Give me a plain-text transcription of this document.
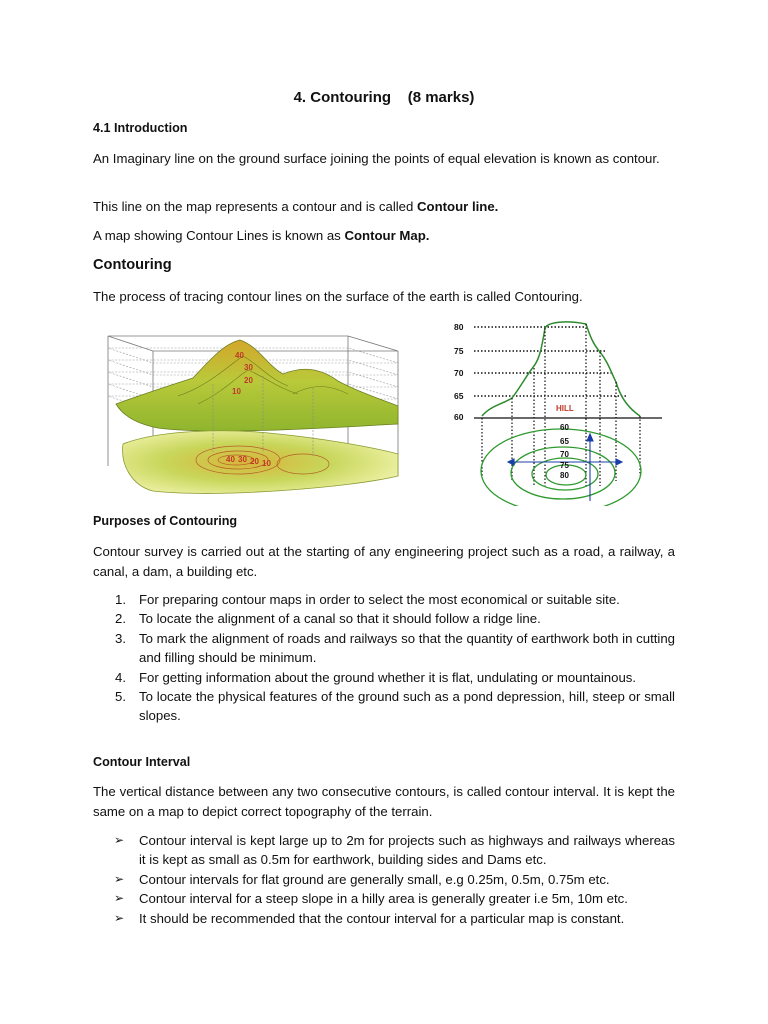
4. Contouring    (8 marks)
4.1 Introduction
An Imaginary line on the ground surface joining the points of equal elevation is known as contour.
This line on the map represents a contour and is called Contour line.
A map showing Contour Lines is known as Contour Map.
Contouring
The process of tracing contour lines on the surface of the earth is called Contouring.
40
30
20
10
40 30 20 10
80
75
70
65
60
HILL
60
65
70
75
80
Purposes of Contouring
Contour survey is carried out at the starting of any engineering project such as a road, a railway, a canal, a dam, a building etc.
1. For preparing contour maps in order to select the most economical or suitable site.
2. To locate the alignment of a canal so that it should follow a ridge line.
3. To mark the alignment of roads and railways so that the quantity of earthwork both in cutting and filling should be minimum.
4. For getting information about the ground whether it is flat, undulating or mountainous.
5. To locate the physical features of the ground such as a pond depression, hill, steep or small slopes.
Contour Interval
The vertical distance between any two consecutive contours, is called contour interval. It is kept the same on a map to depict correct topography of the terrain.
➢ Contour interval is kept large up to 2m for projects such as highways and railways whereas it is kept as small as 0.5m for earthwork, building sides and Dams etc.
➢ Contour intervals for flat ground are generally small, e.g 0.25m, 0.5m, 0.75m etc.
➢ Contour interval for a steep slope in a hilly area is generally greater i.e 5m, 10m etc.
➢ It should be recommended that the contour interval for a particular map is constant.
